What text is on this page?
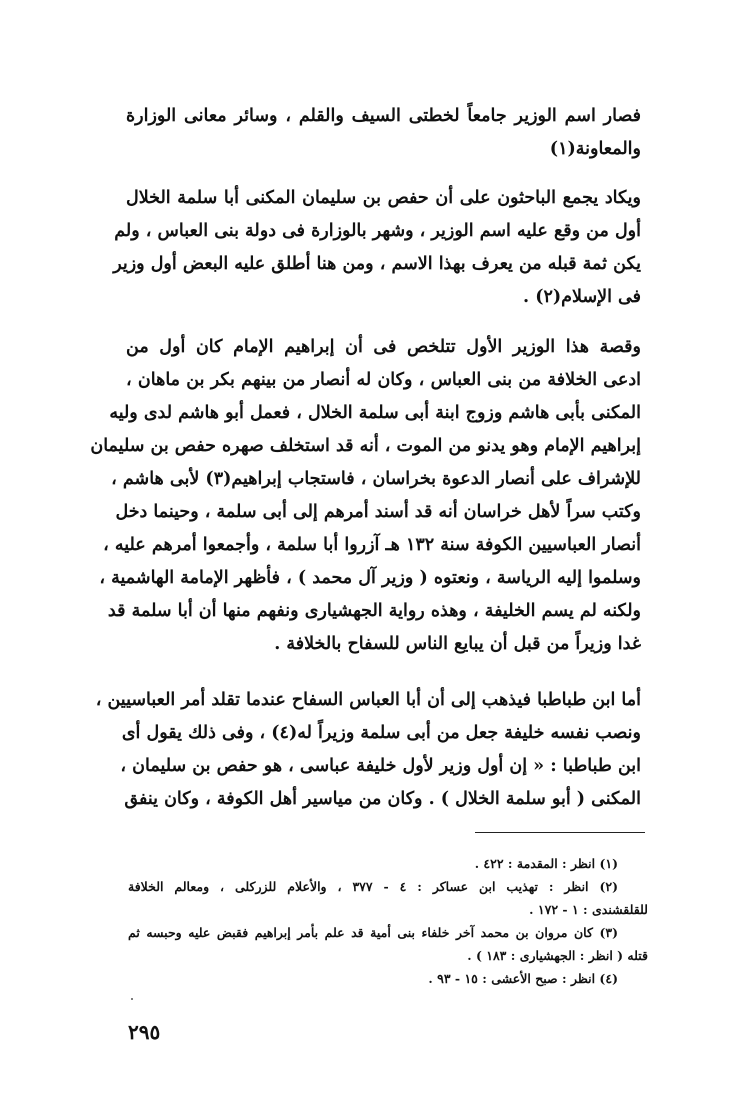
فصار اسم الوزير جامعاً لخطتى السيف والقلم ، وسائر معانى الوزارة
والمعاونة(١)
ويكاد يجمع الباحثون على أن حفص بن سليمان المكنى أبا سلمة الخلال
أول من وقع عليه اسم الوزير ، وشهر بالوزارة فى دولة بنى العباس ، ولم
يكن ثمة قبله من يعرف بهذا الاسم ، ومن هنا أطلق عليه البعض أول وزير
فى الإسلام(٢) .
وقصة هذا الوزير الأول تتلخص فى أن إبراهيم الإمام كان أول من
ادعى الخلافة من بنى العباس ، وكان له أنصار من بينهم بكر بن ماهان ،
المكنى بأبى هاشم وزوج ابنة أبى سلمة الخلال ، فعمل أبو هاشم لدى وليه
إبراهيم الإمام وهو يدنو من الموت ، أنه قد استخلف صهره حفص بن سليمان
للإشراف على أنصار الدعوة بخراسان ، فاستجاب إبراهيم(٣) لأبى هاشم ،
وكتب سراً لأهل خراسان أنه قد أسند أمرهم إلى أبى سلمة ، وحينما دخل
أنصار العباسيين الكوفة سنة ١٣٢ هـ آزروا أبا سلمة ، وأجمعوا أمرهم عليه ،
وسلموا إليه الرياسة ، ونعتوه ( وزير آل محمد ) ، فأظهر الإمامة الهاشمية ،
ولكنه لم يسم الخليفة ، وهذه رواية الجهشيارى ونفهم منها أن أبا سلمة قد
غدا وزيراً من قبل أن يبايع الناس للسفاح بالخلافة .
أما ابن طباطبا فيذهب إلى أن أبا العباس السفاح عندما تقلد أمر العباسيين ،
ونصب نفسه خليفة جعل من أبى سلمة وزيراً له(٤) ، وفى ذلك يقول أى
ابن طباطبا : « إن أول وزير لأول خليفة عباسى ، هو حفص بن سليمان ،
المكنى ( أبو سلمة الخلال ) . وكان من مياسير أهل الكوفة ، وكان ينفق
(١) انظر : المقدمة : ٤٢٢ .
(٢) انظر : تهذيب ابن عساكر : ٤ - ٣٧٧ ، والأعلام للزركلى ، ومعالم الخلافة
للقلقشندى : ١ - ١٧٢ .
(٣) كان مروان بن محمد آخر خلفاء بنى أمية قد علم بأمر إبراهيم فقبض عليه وحبسه ثم
قتله ( انظر : الجهشيارى : ١٨٣ ) .
(٤) انظر : صبح الأعشى : ١٥ - ٩٣ .
٢٩٥
